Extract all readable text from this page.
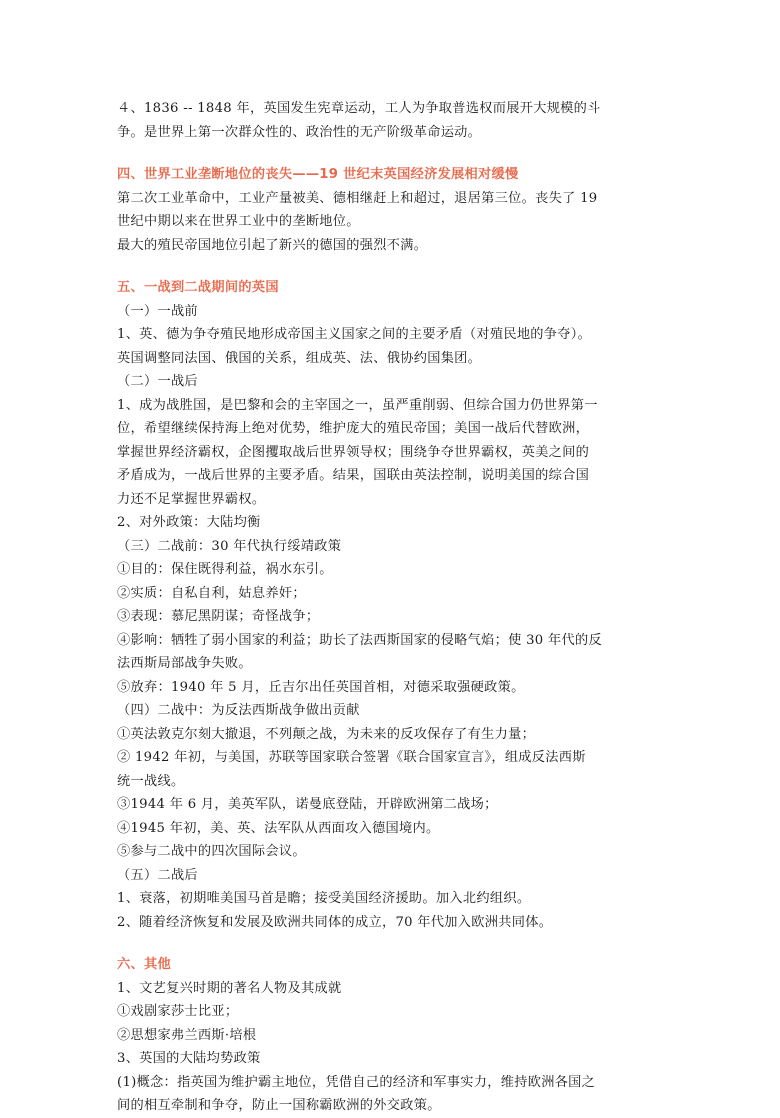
４、1836 -- 1848 年，英国发生宪章运动，工人为争取普选权而展开大规模的斗
争。是世界上第一次群众性的、政治性的无产阶级革命运动。
四、世界工业垄断地位的丧失——19 世纪末英国经济发展相对缓慢
第二次工业革命中，工业产量被美、德相继赶上和超过，退居第三位。丧失了 19
世纪中期以来在世界工业中的垄断地位。
最大的殖民帝国地位引起了新兴的德国的强烈不满。
五、一战到二战期间的英国
（一）一战前
1、英、德为争夺殖民地形成帝国主义国家之间的主要矛盾（对殖民地的争夺）。
英国调整同法国、俄国的关系，组成英、法、俄协约国集团。
（二）一战后
1、成为战胜国，是巴黎和会的主宰国之一，虽严重削弱、但综合国力仍世界第一
位，希望继续保持海上绝对优势，维护庞大的殖民帝国；美国一战后代替欧洲，
掌握世界经济霸权，企图攫取战后世界领导权；围绕争夺世界霸权，英美之间的
矛盾成为，一战后世界的主要矛盾。结果，国联由英法控制，说明美国的综合国
力还不足掌握世界霸权。
2、对外政策：大陆均衡
（三）二战前：30 年代执行绥靖政策
①目的：保住既得利益，祸水东引。
②实质：自私自利，姑息养奸；
③表现：慕尼黑阴谋；奇怪战争；
④影响：牺牲了弱小国家的利益；助长了法西斯国家的侵略气焰；使 30 年代的反
法西斯局部战争失败。
⑤放弃：1940 年 5 月，丘吉尔出任英国首相，对德采取强硬政策。
（四）二战中：为反法西斯战争做出贡献
①英法敦克尔刻大撤退，不列颠之战，为未来的反攻保存了有生力量；
② 1942 年初，与美国，苏联等国家联合签署《联合国家宣言》，组成反法西斯
统一战线。
③1944 年 6 月，美英军队，诺曼底登陆，开辟欧洲第二战场；
④1945 年初，美、英、法军队从西面攻入德国境内。
⑤参与二战中的四次国际会议。
（五）二战后
1、衰落，初期唯美国马首是瞻；接受美国经济援助。加入北约组织。
2、随着经济恢复和发展及欧洲共同体的成立，70 年代加入欧洲共同体。
六、其他
1、文艺复兴时期的著名人物及其成就
①戏剧家莎士比亚；
②思想家弗兰西斯·培根
3、英国的大陆均势政策
(1)概念：指英国为维护霸主地位，凭借自己的经济和军事实力，维持欧洲各国之
间的相互牵制和争夺，防止一国称霸欧洲的外交政策。
